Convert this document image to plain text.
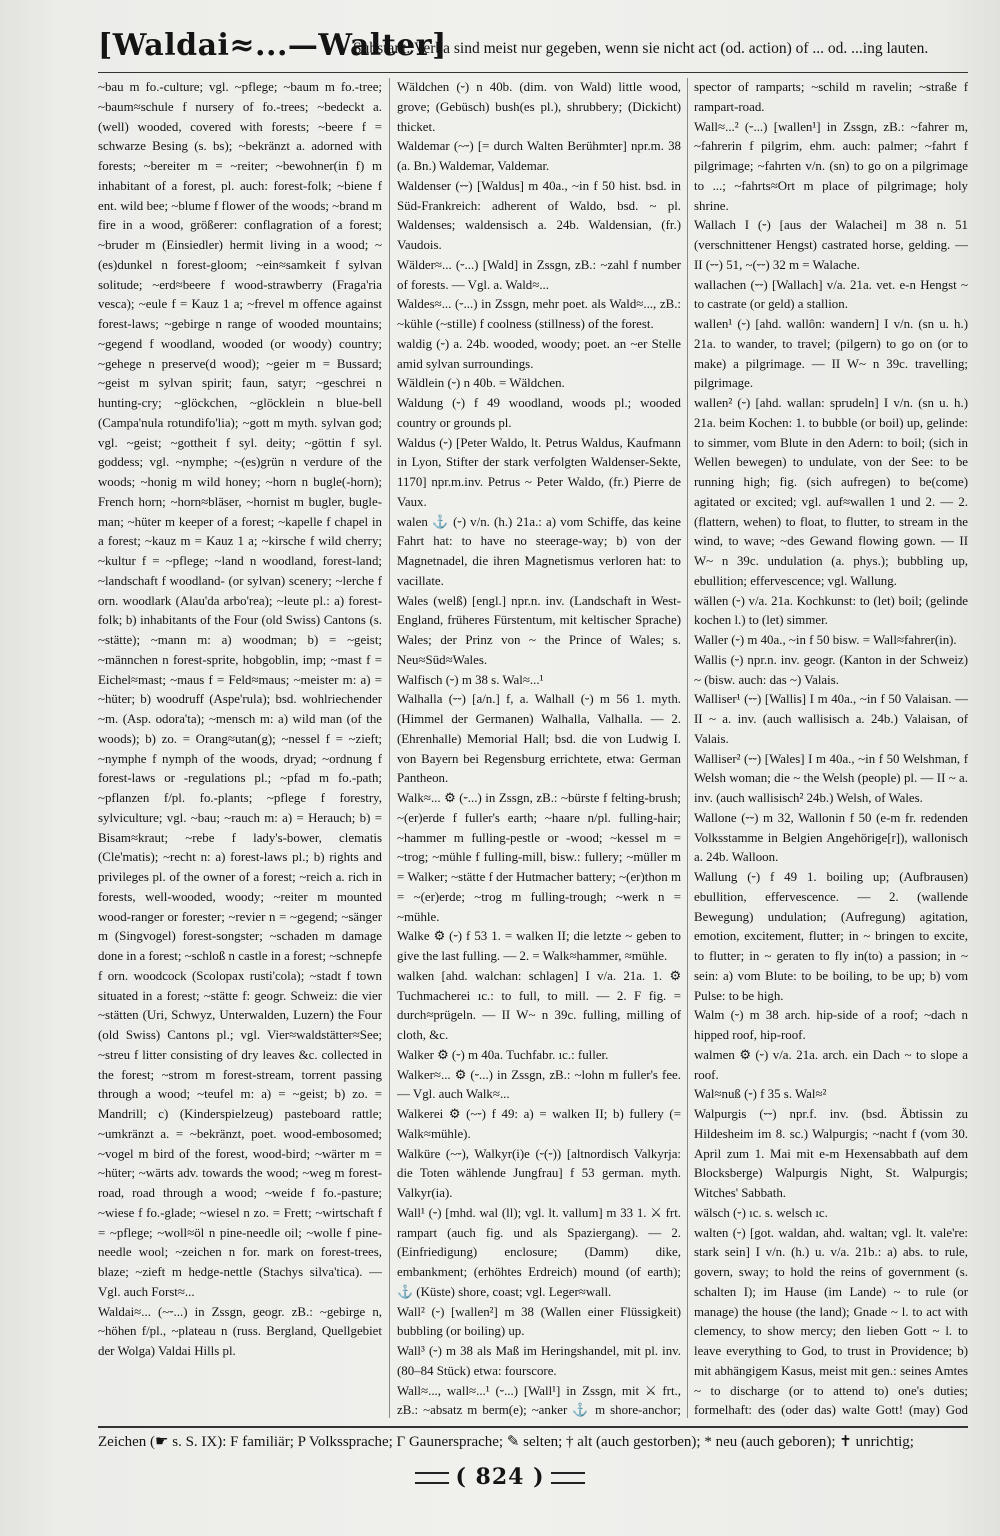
[Waldai≈...—Walter]
Substant. Verba sind meist nur gegeben, wenn sie nicht act (od. action) of ... od. ...ing lauten.

~bau m fo.-culture; vgl. ~pflege; ~baum m fo.-tree; ~baum≈schule f nursery of fo.-trees; ~bedeckt a. (well) wooded, covered with forests; ~beere f = schwarze Besing (s. bs); ~bekränzt a. adorned with forests; ~bereiter m = ~reiter; ~bewohner(in f) m inhabitant of a forest, pl. auch: forest-folk; ~biene f ent. wild bee; ~blume f flower of the woods; ~brand m fire in a wood, größerer: conflagration of a forest; ~bruder m (Einsiedler) hermit living in a wood; ~(es)dunkel n forest-gloom; ~ein≈samkeit f sylvan solitude; ~erd≈beere f wood-strawberry (Fraga'ria vesca); ~eule f = Kauz 1 a; ~frevel m offence against forest-laws; ~gebirge n range of wooded mountains; ~gegend f woodland, wooded (or woody) country; ~gehege n preserve(d wood); ~geier m = Bussard; ~geist m sylvan spirit; faun, satyr; ~geschrei n hunting-cry; ~glöckchen, ~glöcklein n blue-bell (Campa'nula rotundifo'lia); ~gott m myth. sylvan god; vgl. ~geist; ~gottheit f syl. deity; ~göttin f syl. goddess; vgl. ~nymphe; ~(es)grün n verdure of the woods; ~honig m wild honey; ~horn n bugle(-horn); French horn; ~horn≈bläser, ~hornist m bugler, bugle-man; ~hüter m keeper of a forest; ~kapelle f chapel in a forest; ~kauz m = Kauz 1 a; ~kirsche f wild cherry; ~kultur f = ~pflege; ~land n woodland, forest-land; ~landschaft f woodland- (or sylvan) scenery; ~lerche f orn. woodlark (Alau'da arbo'rea); ~leute pl.: a) forest-folk; b) inhabitants of the Four (old Swiss) Cantons (s. ~stätte); ~mann m: a) woodman; b) = ~geist; ~männchen n forest-sprite, hobgoblin, imp; ~mast f = Eichel≈mast; ~maus f = Feld≈maus; ~meister m: a) = ~hüter; b) woodruff (Aspe'rula); bsd. wohlriechender ~m. (Asp. odora'ta); ~mensch m: a) wild man (of the woods); b) zo. = Orang≈utan(g); ~nessel f = ~zieft; ~nymphe f nymph of the woods, dryad; ~ordnung f forest-laws or -regulations pl.; ~pfad m fo.-path; ~pflanzen f/pl. fo.-plants; ~pflege f forestry, sylviculture; vgl. ~bau; ~rauch m: a) = Herauch; b) = Bisam≈kraut; ~rebe f lady's-bower, clematis (Cle'matis); ~recht n: a) forest-laws pl.; b) rights and privileges pl. of the owner of a forest; ~reich a. rich in forests, well-wooded, woody; ~reiter m mounted wood-ranger or forester; ~revier n = ~gegend; ~sänger m (Singvogel) forest-songster; ~schaden m damage done in a forest; ~schloß n castle in a forest; ~schnepfe f orn. woodcock (Scolopax rusti'cola); ~stadt f town situated in a forest; ~stätte f: geogr. Schweiz: die vier ~stätten (Uri, Schwyz, Unterwalden, Luzern) the Four (old Swiss) Cantons pl.; vgl. Vier≈waldstätter≈See; ~streu f litter consisting of dry leaves &c. collected in the forest; ~strom m forest-stream, torrent passing through a wood; ~teufel m: a) = ~geist; b) zo. = Mandrill; c) (Kinderspielzeug) pasteboard rattle; ~umkränzt a. = ~bekränzt, poet. wood-embosomed; ~vogel m bird of the forest, wood-bird; ~wärter m = ~hüter; ~wärts adv. towards the wood; ~weg m forest-road, road through a wood; ~weide f fo.-pasture; ~wiese f fo.-glade; ~wiesel n zo. = Frett; ~wirtschaft f = ~pflege; ~woll≈öl n pine-needle oil; ~wolle f pine-needle wool; ~zeichen n for. mark on forest-trees, blaze; ~zieft m hedge-nettle (Stachys silva'tica). — Vgl. auch Forst≈...

Waldai≈... (~⏑...) in Zssgn, geogr. zB.: ~gebirge n, ~höhen f/pl., ~plateau n (russ. Bergland, Quellgebiet der Wolga) Valdai Hills pl.

Wäldchen (⏑) n 40b. (dim. von Wald) little wood, grove; (Gebüsch) bush(es pl.), shrubbery; (Dickicht) thicket.

Waldemar (~⏑) [= durch Walten Berühmter] npr.m. 38 (a. Bn.) Waldemar, Valdemar.

Waldenser (⏑⏑) [Waldus] m 40a., ~in f 50 hist. bsd. in Süd-Frankreich: adherent of Waldo, bsd. ~ pl. Waldenses; waldensisch a. 24b. Waldensian, (fr.) Vaudois.

Wälder≈... (⏑...) [Wald] in Zssgn, zB.: ~zahl f number of forests. — Vgl. a. Wald≈...

Waldes≈... (⏑...) in Zssgn, mehr poet. als Wald≈..., zB.: ~kühle (~stille) f coolness (stillness) of the forest.

waldig (⏑) a. 24b. wooded, woody; poet. an ~er Stelle amid sylvan surroundings.

Wäldlein (⏑) n 40b. = Wäldchen.

Waldung (⏑) f 49 woodland, woods pl.; wooded country or grounds pl.

Waldus (⏑) [Peter Waldo, lt. Petrus Waldus, Kaufmann in Lyon, Stifter der stark verfolgten Waldenser-Sekte, 1170] npr.m.inv. Petrus ~ Peter Waldo, (fr.) Pierre de Vaux.

walen ⚓ (⏑) v/n. (h.) 21a.: a) vom Schiffe, das keine Fahrt hat: to have no steerage-way; b) von der Magnetnadel, die ihren Magnetismus verloren hat: to vacillate.

Wales (welß) [engl.] npr.n. inv. (Landschaft in West-England, früheres Fürstentum, mit keltischer Sprache) Wales; der Prinz von ~ the Prince of Wales; s. Neu≈Süd≈Wales.

Walfisch (⏑) m 38 s. Wal≈...¹

Walhalla (⏑⏑) [a/n.] f, a. Walhall (⏑) m 56 1. myth. (Himmel der Germanen) Walhalla, Valhalla. — 2. (Ehrenhalle) Memorial Hall; bsd. die von Ludwig I. von Bayern bei Regensburg errichtete, etwa: German Pantheon.

Walk≈... ⚙ (⏑...) in Zssgn, zB.: ~bürste f felting-brush; ~(er)erde f fuller's earth; ~haare n/pl. fulling-hair; ~hammer m fulling-pestle or -wood; ~kessel m = ~trog; ~mühle f fulling-mill, bisw.: fullery; ~müller m = Walker; ~stätte f der Hutmacher battery; ~(er)thon m = ~(er)erde; ~trog m fulling-trough; ~werk n = ~mühle.

Walke ⚙ (⏑) f 53 1. = walken II; die letzte ~ geben to give the last fulling. — 2. = Walk≈hammer, ≈mühle.

walken [ahd. walchan: schlagen] I v/a. 21a. 1. ⚙ Tuchmacherei ıc.: to full, to mill. — 2. F fig. = durch≈prügeln. — II W~ n 39c. fulling, milling of cloth, &c.

Walker ⚙ (⏑) m 40a. Tuchfabr. ıc.: fuller.

Walker≈... ⚙ (⏑...) in Zssgn, zB.: ~lohn m fuller's fee. — Vgl. auch Walk≈...

Walkerei ⚙ (~⏑) f 49: a) = walken II; b) fullery (= Walk≈mühle).

Walküre (~⏑), Walkyr(i)e (⏑(⏑)) [altnordisch Valkyrja: die Toten wählende Jungfrau] f 53 german. myth. Valkyr(ia).

Wall¹ (⏑) [mhd. wal (ll); vgl. lt. vallum] m 33 1. ⚔ frt. rampart (auch fig. und als Spaziergang). — 2. (Einfriedigung) enclosure; (Damm) dike, embankment; (erhöhtes Erdreich) mound (of earth); ⚓ (Küste) shore, coast; vgl. Leger≈wall.

Wall² (⏑) [wallen²] m 38 (Wallen einer Flüssigkeit) bubbling (or boiling) up.

Wall³ (⏑) m 38 als Maß im Heringshandel, mit pl. inv. (80–84 Stück) etwa: fourscore.

Wall≈..., wall≈...¹ (⏑...) [Wall¹] in Zssgn, mit ⚔ frt., zB.: ~absatz m berm(e); ~anker ⚓ m shore-anchor;

spector of ramparts; ~schild m ravelin; ~straße f rampart-road.

Wall≈...² (⏑...) [wallen¹] in Zssgn, zB.: ~fahrer m, ~fahrerin f pilgrim, ehm. auch: palmer; ~fahrt f pilgrimage; ~fahrten v/n. (sn) to go on a pilgrimage to ...; ~fahrts≈Ort m place of pilgrimage; holy shrine.

Wallach I (⏑) [aus der Walachei] m 38 n. 51 (verschnittener Hengst) castrated horse, gelding. — II (⏑⏑) 51, ~(⏑⏑) 32 m = Walache.

wallachen (⏑⏑) [Wallach] v/a. 21a. vet. e-n Hengst ~ to castrate (or geld) a stallion.

wallen¹ (⏑) [ahd. wallôn: wandern] I v/n. (sn u. h.) 21a. to wander, to travel; (pilgern) to go on (or to make) a pilgrimage. — II W~ n 39c. travelling; pilgrimage.

wallen² (⏑) [ahd. wallan: sprudeln] I v/n. (sn u. h.) 21a. beim Kochen: 1. to bubble (or boil) up, gelinde: to simmer, vom Blute in den Adern: to boil; (sich in Wellen bewegen) to undulate, von der See: to be running high; fig. (sich aufregen) to be(come) agitated or excited; vgl. auf≈wallen 1 und 2. — 2. (flattern, wehen) to float, to flutter, to stream in the wind, to wave; ~des Gewand flowing gown. — II W~ n 39c. undulation (a. phys.); bubbling up, ebullition; effervescence; vgl. Wallung.

wällen (⏑) v/a. 21a. Kochkunst: to (let) boil; (gelinde kochen l.) to (let) simmer.

Waller (⏑) m 40a., ~in f 50 bisw. = Wall≈fahrer(in).

Wallis (⏑) npr.n. inv. geogr. (Kanton in der Schweiz) ~ (bisw. auch: das ~) Valais.

Walliser¹ (⏑⏑) [Wallis] I m 40a., ~in f 50 Valaisan. — II ~ a. inv. (auch wallisisch a. 24b.) Valaisan, of Valais.

Walliser² (⏑⏑) [Wales] I m 40a., ~in f 50 Welshman, f Welsh woman; die ~ the Welsh (people) pl. — II ~ a. inv. (auch wallisisch² 24b.) Welsh, of Wales.

Wallone (⏑⏑) m 32, Wallonin f 50 (e-m fr. redenden Volksstamme in Belgien Angehörige[r]), wallonisch a. 24b. Walloon.

Wallung (⏑) f 49 1. boiling up; (Aufbrausen) ebullition, effervescence. — 2. (wallende Bewegung) undulation; (Aufregung) agitation, emotion, excitement, flutter; in ~ bringen to excite, to flutter; in ~ geraten to fly in(to) a passion; in ~ sein: a) vom Blute: to be boiling, to be up; b) vom Pulse: to be high.

Walm (⏑) m 38 arch. hip-side of a roof; ~dach n hipped roof, hip-roof.

walmen ⚙ (⏑) v/a. 21a. arch. ein Dach ~ to slope a roof.

Wal≈nuß (⏑) f 35 s. Wal≈²

Walpurgis (⏑⏑) npr.f. inv. (bsd. Äbtissin zu Hildesheim im 8. sc.) Walpurgis; ~nacht f (vom 30. April zum 1. Mai mit e-m Hexensabbath auf dem Blocksberge) Walpurgis Night, St. Walpurgis; Witches' Sabbath.

wälsch (⏑) ıc. s. welsch ıc.

walten (⏑) [got. waldan, ahd. waltan; vgl. lt. vale're: stark sein] I v/n. (h.) u. v/a. 21b.: a) abs. to rule, govern, sway; to hold the reins of government (s. schalten I); im Hause (im Lande) ~ to rule (or manage) the house (the land); Gnade ~ l. to act with clemency, to show mercy; den lieben Gott ~ l. to leave everything to God, to trust in Providence; b) mit abhängigem Kasus, meist mit gen.: seines Amtes ~ to discharge (or to attend to) one's duties; formelhaft: des (oder das) walte Gott! (may) God

Zeichen (☛ s. S. IX): F familiär; P Volkssprache; Γ Gaunersprache; ✎ selten; † alt (auch gestorben); * neu (auch geboren); ✝ unrichtig;
( 824 )
